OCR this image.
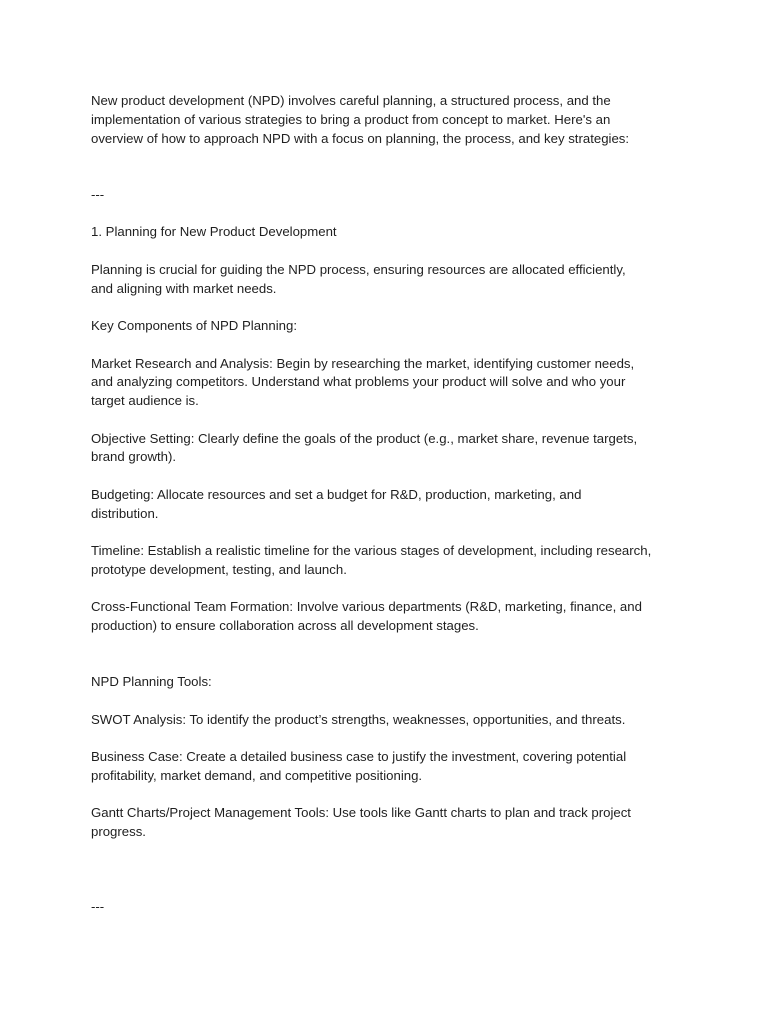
New product development (NPD) involves careful planning, a structured process, and the

implementation of various strategies to bring a product from concept to market. Here's an

overview of how to approach NPD with a focus on planning, the process, and key strategies:

---

1. Planning for New Product Development

Planning is crucial for guiding the NPD process, ensuring resources are allocated efficiently,

and aligning with market needs.

Key Components of NPD Planning:

Market Research and Analysis: Begin by researching the market, identifying customer needs,

and analyzing competitors. Understand what problems your product will solve and who your

target audience is.

Objective Setting: Clearly define the goals of the product (e.g., market share, revenue targets,

brand growth).

Budgeting: Allocate resources and set a budget for R&D, production, marketing, and

distribution.

Timeline: Establish a realistic timeline for the various stages of development, including research,

prototype development, testing, and launch.

Cross-Functional Team Formation: Involve various departments (R&D, marketing, finance, and

production) to ensure collaboration across all development stages.

NPD Planning Tools:

SWOT Analysis: To identify the product’s strengths, weaknesses, opportunities, and threats.

Business Case: Create a detailed business case to justify the investment, covering potential

profitability, market demand, and competitive positioning.

Gantt Charts/Project Management Tools: Use tools like Gantt charts to plan and track project

progress.

---
